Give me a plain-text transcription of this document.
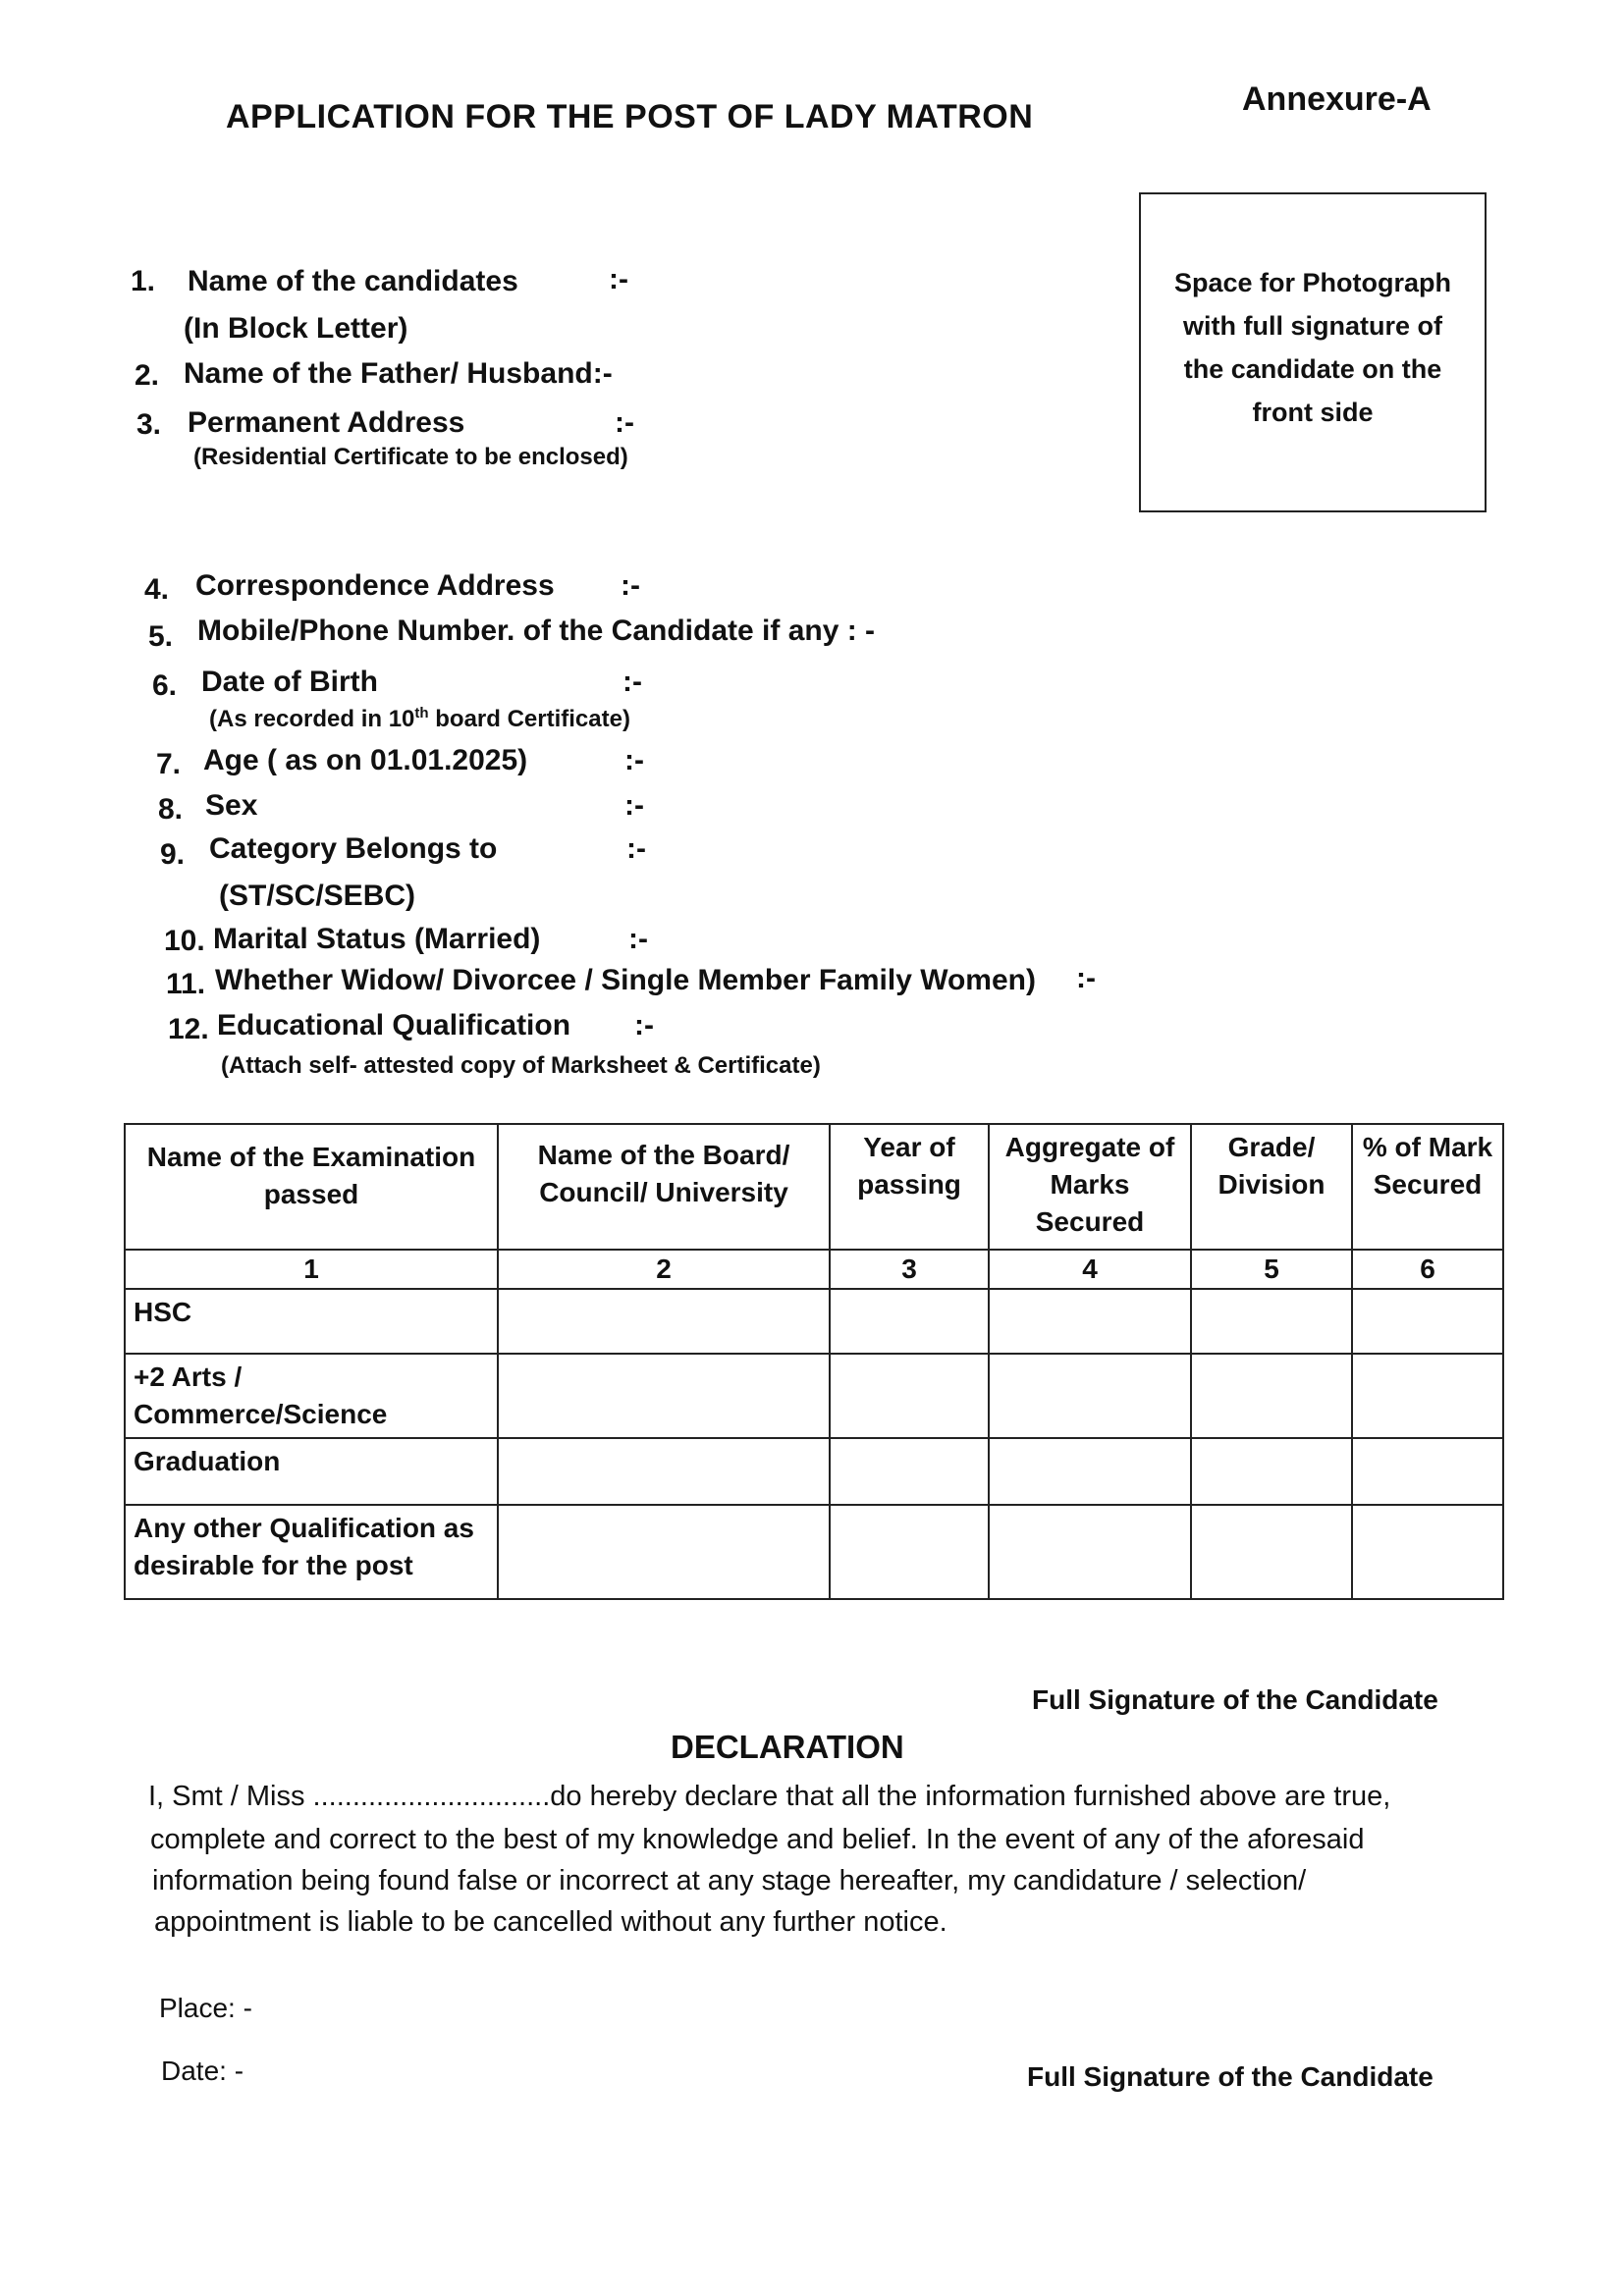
APPLICATION FOR THE POST OF LADY MATRON	Annexure-A
Space for Photograph with full signature of the candidate on the front side
1. Name of the candidates	:-
(In Block Letter)
2. Name of the Father/ Husband:-
3. Permanent Address	:-
(Residential Certificate to be enclosed)
4. Correspondence Address :-
5. Mobile/Phone Number. of the Candidate if any : -
6. Date of Birth	:-
(As recorded in 10th board Certificate)
7. Age ( as on 01.01.2025)	:-
8. Sex	:-
9. Category Belongs to	:-
(ST/SC/SEBC)
10. Marital Status (Married)	:-
11. Whether Widow/ Divorcee / Single Member Family Women) :-
12. Educational Qualification :-
(Attach self- attested copy of Marksheet & Certificate)
Name of the Examination passed	Name of the Board/ Council/ University	Year of passing	Aggregate of Marks Secured	Grade/ Division	% of Mark Secured
1	2	3	4	5	6
HSC					
+2 Arts / Commerce/Science					
Graduation					
Any other Qualification as desirable for the post					
Full Signature of the Candidate
DECLARATION
I, Smt / Miss ..............................do hereby declare that all the information furnished above are true,
complete and correct to the best of my knowledge and belief. In the event of any of the aforesaid
information being found false or incorrect at any stage hereafter, my candidature / selection/
appointment is liable to be cancelled without any further notice.
Place: -
Date: -	Full Signature of the Candidate
